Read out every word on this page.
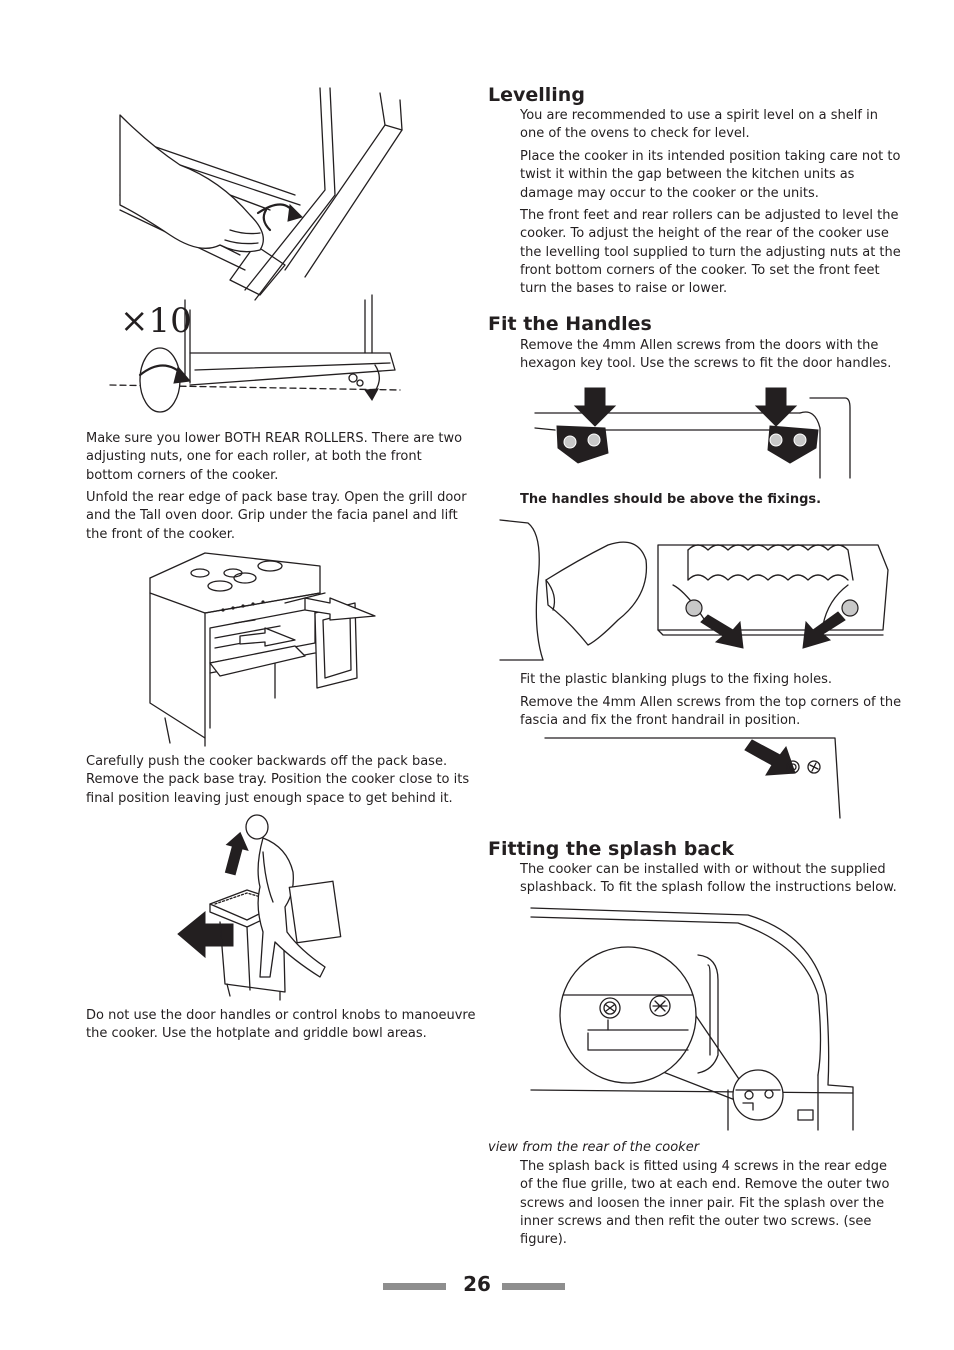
×10

Make sure you lower BOTH REAR ROLLERS. There are two adjusting nuts, one for each roller, at both the front bottom corners of the cooker.

Unfold the rear edge of pack base tray. Open the grill door and the Tall oven door. Grip under the facia panel and lift the front of the cooker.

Carefully push the cooker backwards off the pack base. Remove the pack base tray. Position the cooker close to its final position leaving just enough space to get behind it.

Do not use the door handles or control knobs to manoeuvre the cooker. Use the hotplate and griddle bowl areas.

Levelling

You are recommended to use a spirit level on a shelf in one of the ovens to check for level.

Place the cooker in its intended position taking care not to twist it within the gap between the kitchen units as damage may occur to the cooker or the units.

The front feet and rear rollers can be adjusted to level the cooker. To adjust the height of the rear of the cooker use the levelling tool supplied to turn the adjusting nuts at the front bottom corners of the cooker. To set the front feet turn the bases to raise or lower.

Fit the Handles

Remove the 4mm Allen screws from the doors with the hexagon key tool. Use the screws to fit the door handles.

The handles should be above the fixings.

Fit the plastic blanking plugs to the fixing holes.

Remove the 4mm Allen screws from the top corners of the fascia and fix the front handrail in position.

Fitting the splash back

The cooker can be installed with or without the supplied splashback. To fit the splash follow the instructions below.

view from the rear of the cooker

The splash back is fitted using 4 screws in the rear edge of the flue grille, two at each end. Remove the outer two screws and loosen the inner pair. Fit the splash over the inner screws and then refit the outer two screws. (see figure).

26
